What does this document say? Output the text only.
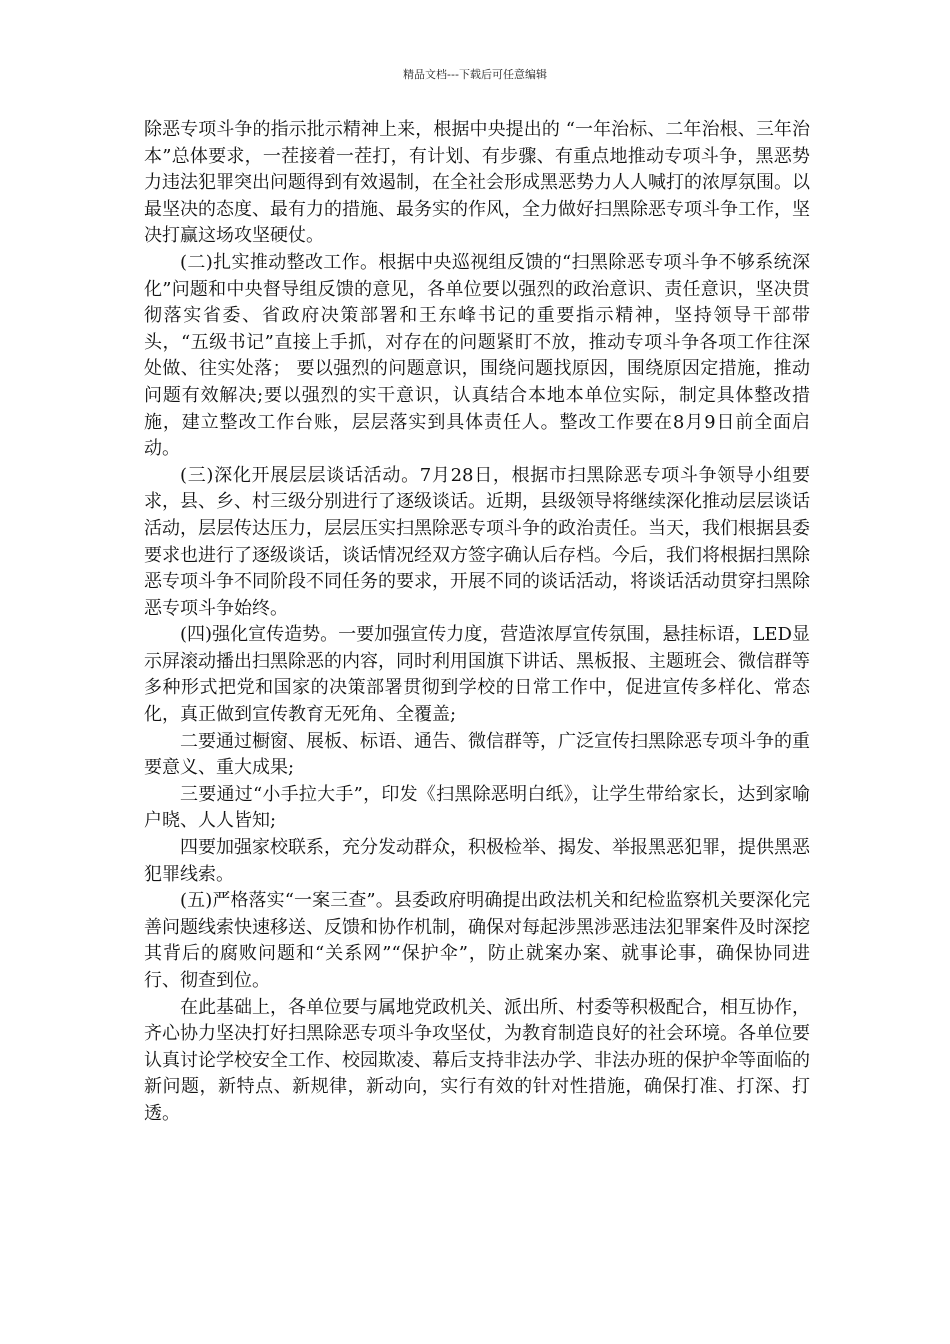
精品文档---下载后可任意编辑

除恶专项斗争的指示批示精神上来，根据中央提出的 “一年治标、二年治根、三年治本”总体要求，一茬接着一茬打，有计划、有步骤、有重点地推动专项斗争，黑恶势力违法犯罪突出问题得到有效遏制，在全社会形成黑恶势力人人喊打的浓厚氛围。以最坚决的态度、最有力的措施、最务实的作风，全力做好扫黑除恶专项斗争工作，坚决打赢这场攻坚硬仗。

(二)扎实推动整改工作。根据中央巡视组反馈的“扫黑除恶专项斗争不够系统深化”问题和中央督导组反馈的意见，各单位要以强烈的政治意识、责任意识，坚决贯彻落实省委、省政府决策部署和王东峰书记的重要指示精神，坚持领导干部带头，“五级书记”直接上手抓，对存在的问题紧盯不放，推动专项斗争各项工作往深处做、往实处落； 要以强烈的问题意识，围绕问题找原因，围绕原因定措施，推动问题有效解决;要以强烈的实干意识，认真结合本地本单位实际，制定具体整改措施，建立整改工作台账，层层落实到具体责任人。整改工作要在8月9日前全面启动。

(三)深化开展层层谈话活动。7月28日，根据市扫黑除恶专项斗争领导小组要求，县、乡、村三级分别进行了逐级谈话。近期，县级领导将继续深化推动层层谈话活动，层层传达压力，层层压实扫黑除恶专项斗争的政治责任。当天，我们根据县委要求也进行了逐级谈话，谈话情况经双方签字确认后存档。今后，我们将根据扫黑除恶专项斗争不同阶段不同任务的要求，开展不同的谈话活动，将谈话活动贯穿扫黑除恶专项斗争始终。

(四)强化宣传造势。一要加强宣传力度，营造浓厚宣传氛围，悬挂标语，LED显示屏滚动播出扫黑除恶的内容，同时利用国旗下讲话、黑板报、主题班会、微信群等多种形式把党和国家的决策部署贯彻到学校的日常工作中，促进宣传多样化、常态化，真正做到宣传教育无死角、全覆盖;

二要通过橱窗、展板、标语、通告、微信群等，广泛宣传扫黑除恶专项斗争的重要意义、重大成果;

三要通过“小手拉大手”，印发《扫黑除恶明白纸》，让学生带给家长，达到家喻户晓、人人皆知;

四要加强家校联系，充分发动群众，积极检举、揭发、举报黑恶犯罪，提供黑恶犯罪线索。

(五)严格落实“一案三查”。县委政府明确提出政法机关和纪检监察机关要深化完善问题线索快速移送、反馈和协作机制，确保对每起涉黑涉恶违法犯罪案件及时深挖其背后的腐败问题和“关系网”“保护伞”，防止就案办案、就事论事，确保协同进行、彻查到位。

在此基础上，各单位要与属地党政机关、派出所、村委等积极配合，相互协作，齐心协力坚决打好扫黑除恶专项斗争攻坚仗，为教育制造良好的社会环境。各单位要认真讨论学校安全工作、校园欺凌、幕后支持非法办学、非法办班的保护伞等面临的新问题，新特点、新规律，新动向，实行有效的针对性措施，确保打准、打深、打透。
